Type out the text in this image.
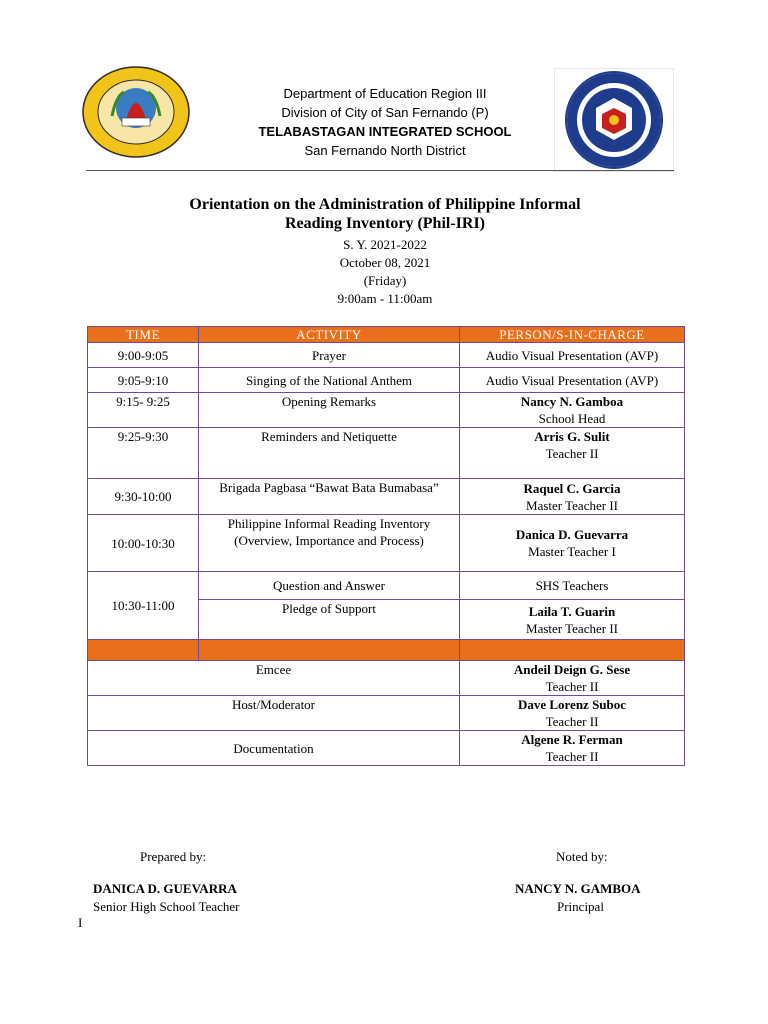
Department of Education Region III
Division of City of San Fernando (P)
TELABASTAGAN INTEGRATED SCHOOL
San Fernando North District
Orientation on the Administration of Philippine Informal
Reading Inventory (Phil-IRI)
S. Y. 2021-2022
October 08, 2021
(Friday)
9:00am - 11:00am
TIME	ACTIVITY	PERSON/S-IN-CHARGE
9:00-9:05	Prayer	Audio Visual Presentation (AVP)
9:05-9:10	Singing of the National Anthem	Audio Visual Presentation (AVP)
9:15- 9:25	Opening Remarks	Nancy N. Gamboa
School Head

9:25-9:30	Reminders and Netiquette	Arris G. Sulit
Teacher II

9:30-10:00	Brigada Pagbasa “Bawat Bata Bumabasa”	Raquel C. Garcia
Master Teacher II

10:00-10:30	Philippine Informal Reading Inventory (Overview, Importance and Process)	Danica D. Guevarra
Master Teacher I

10:30-11:00	Question and Answer	SHS Teachers
	Pledge of Support	Laila T. Guarin
Master Teacher II

Emcee		Andeil Deign G. Sese
Teacher II

Host/Moderator		Dave Lorenz Suboc
Teacher II

Documentation		Algene R. Ferman
Teacher II
Prepared by:	Noted by:
DANICA D. GUEVARRA
Senior High School Teacher
NANCY N. GAMBOA
Principal
I
